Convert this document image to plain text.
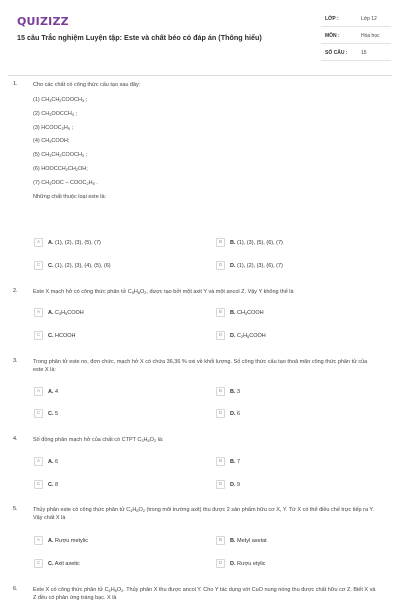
QUIZIZZ
15 câu Trắc nghiệm Luyện tập: Este và chất béo có đáp án (Thông hiểu)
LỚP :	Lớp 12
MÔN :	Hóa học
SỐ CÂU :	15
1.	Cho các chất có công thức cấu tạo sau đây:
(1) $CH_3CH_2COOCH_3$ ;
(2) $CH_3OOCCH_3$ ;
(3) $HCOOC_2H_5$ ;
(4) $CH_3COOH$;
(5) $CH_3CH_2COOCH_3$ ;
(6) $HOOCCH_2CH_2OH$;
(7) $CH_3OOC$ – $COOC_2H_5$ .
Những chất thuộc loại este là:
A	A. (1), (2), (3), (5), (7)	B	B. (1), (3), (5), (6), (7)
C	C. (1), (2), (3), (4), (5), (6)	D	D. (1), (2), (3), (6), (7)
2.	Este X mạch hở có công thức phân tử $C_5H_8O_2$, được tạo bởi một axit Y và một ancol Z. Vậy Y không thể là
A	A. $C_3H_5COOH$	B	B. $CH_3COOH$
C	C. HCOOH	D	D. $C_2H_5COOH$
3.	Trong phân tử este no, đơn chức, mạch hở X có chứa 36,36 % oxi về khối lượng. Số công thức cấu tạo thoả mãn công thức phân tử của este X là:
A	A. 4	B	B. 3
C	C. 5	D	D. 6
4.	Số đồng phân mạch hở của chất có CTPT $C_3H_6O_2$ là:
A	A. 6	B	B. 7
C	C. 8	D	D. 9
5.	Thủy phân este có công thức phân tử $C_4H_8O_2$ (trong môi trường axit) thu được 2 sản phẩm hữu cơ X, Y. Từ X có thể điều chế trực tiếp ra Y. Vậy chất X là
A	A. Rượu metylic	B	B. Metyl axetat
C	C. Axit axetic	D	D. Rượu etylic
6.	Este X có công thức phân tử $C_4H_8O_2$. Thủy phân X thu được ancol Y. Cho Y tác dụng với CuO nung nóng thu được chất hữu cơ Z. Biết X và Z đều có phản ứng tráng bạc. X là
